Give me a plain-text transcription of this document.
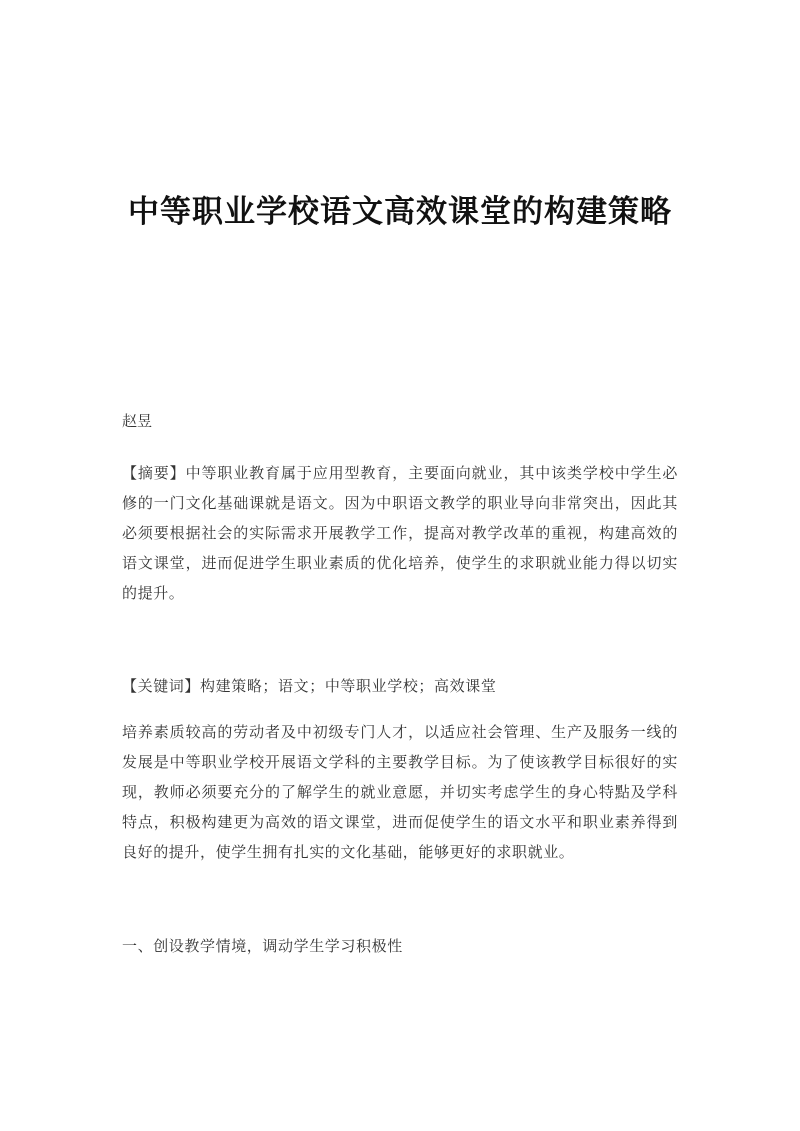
中等职业学校语文高效课堂的构建策略

赵昱

【摘要】中等职业教育属于应用型教育，主要面向就业，其中该类学校中学生必修的一门文化基础课就是语文。因为中职语文教学的职业导向非常突出，因此其必须要根据社会的实际需求开展教学工作，提高对教学改革的重视，构建高效的语文课堂，进而促进学生职业素质的优化培养，使学生的求职就业能力得以切实的提升。

【关键词】构建策略；语文；中等职业学校；高效课堂

培养素质较高的劳动者及中初级专门人才，以适应社会管理、生产及服务一线的发展是中等职业学校开展语文学科的主要教学目标。为了使该教学目标很好的实现，教师必须要充分的了解学生的就业意愿，并切实考虑学生的身心特點及学科特点，积极构建更为高效的语文课堂，进而促使学生的语文水平和职业素养得到良好的提升，使学生拥有扎实的文化基础，能够更好的求职就业。

一、创设教学情境，调动学生学习积极性
